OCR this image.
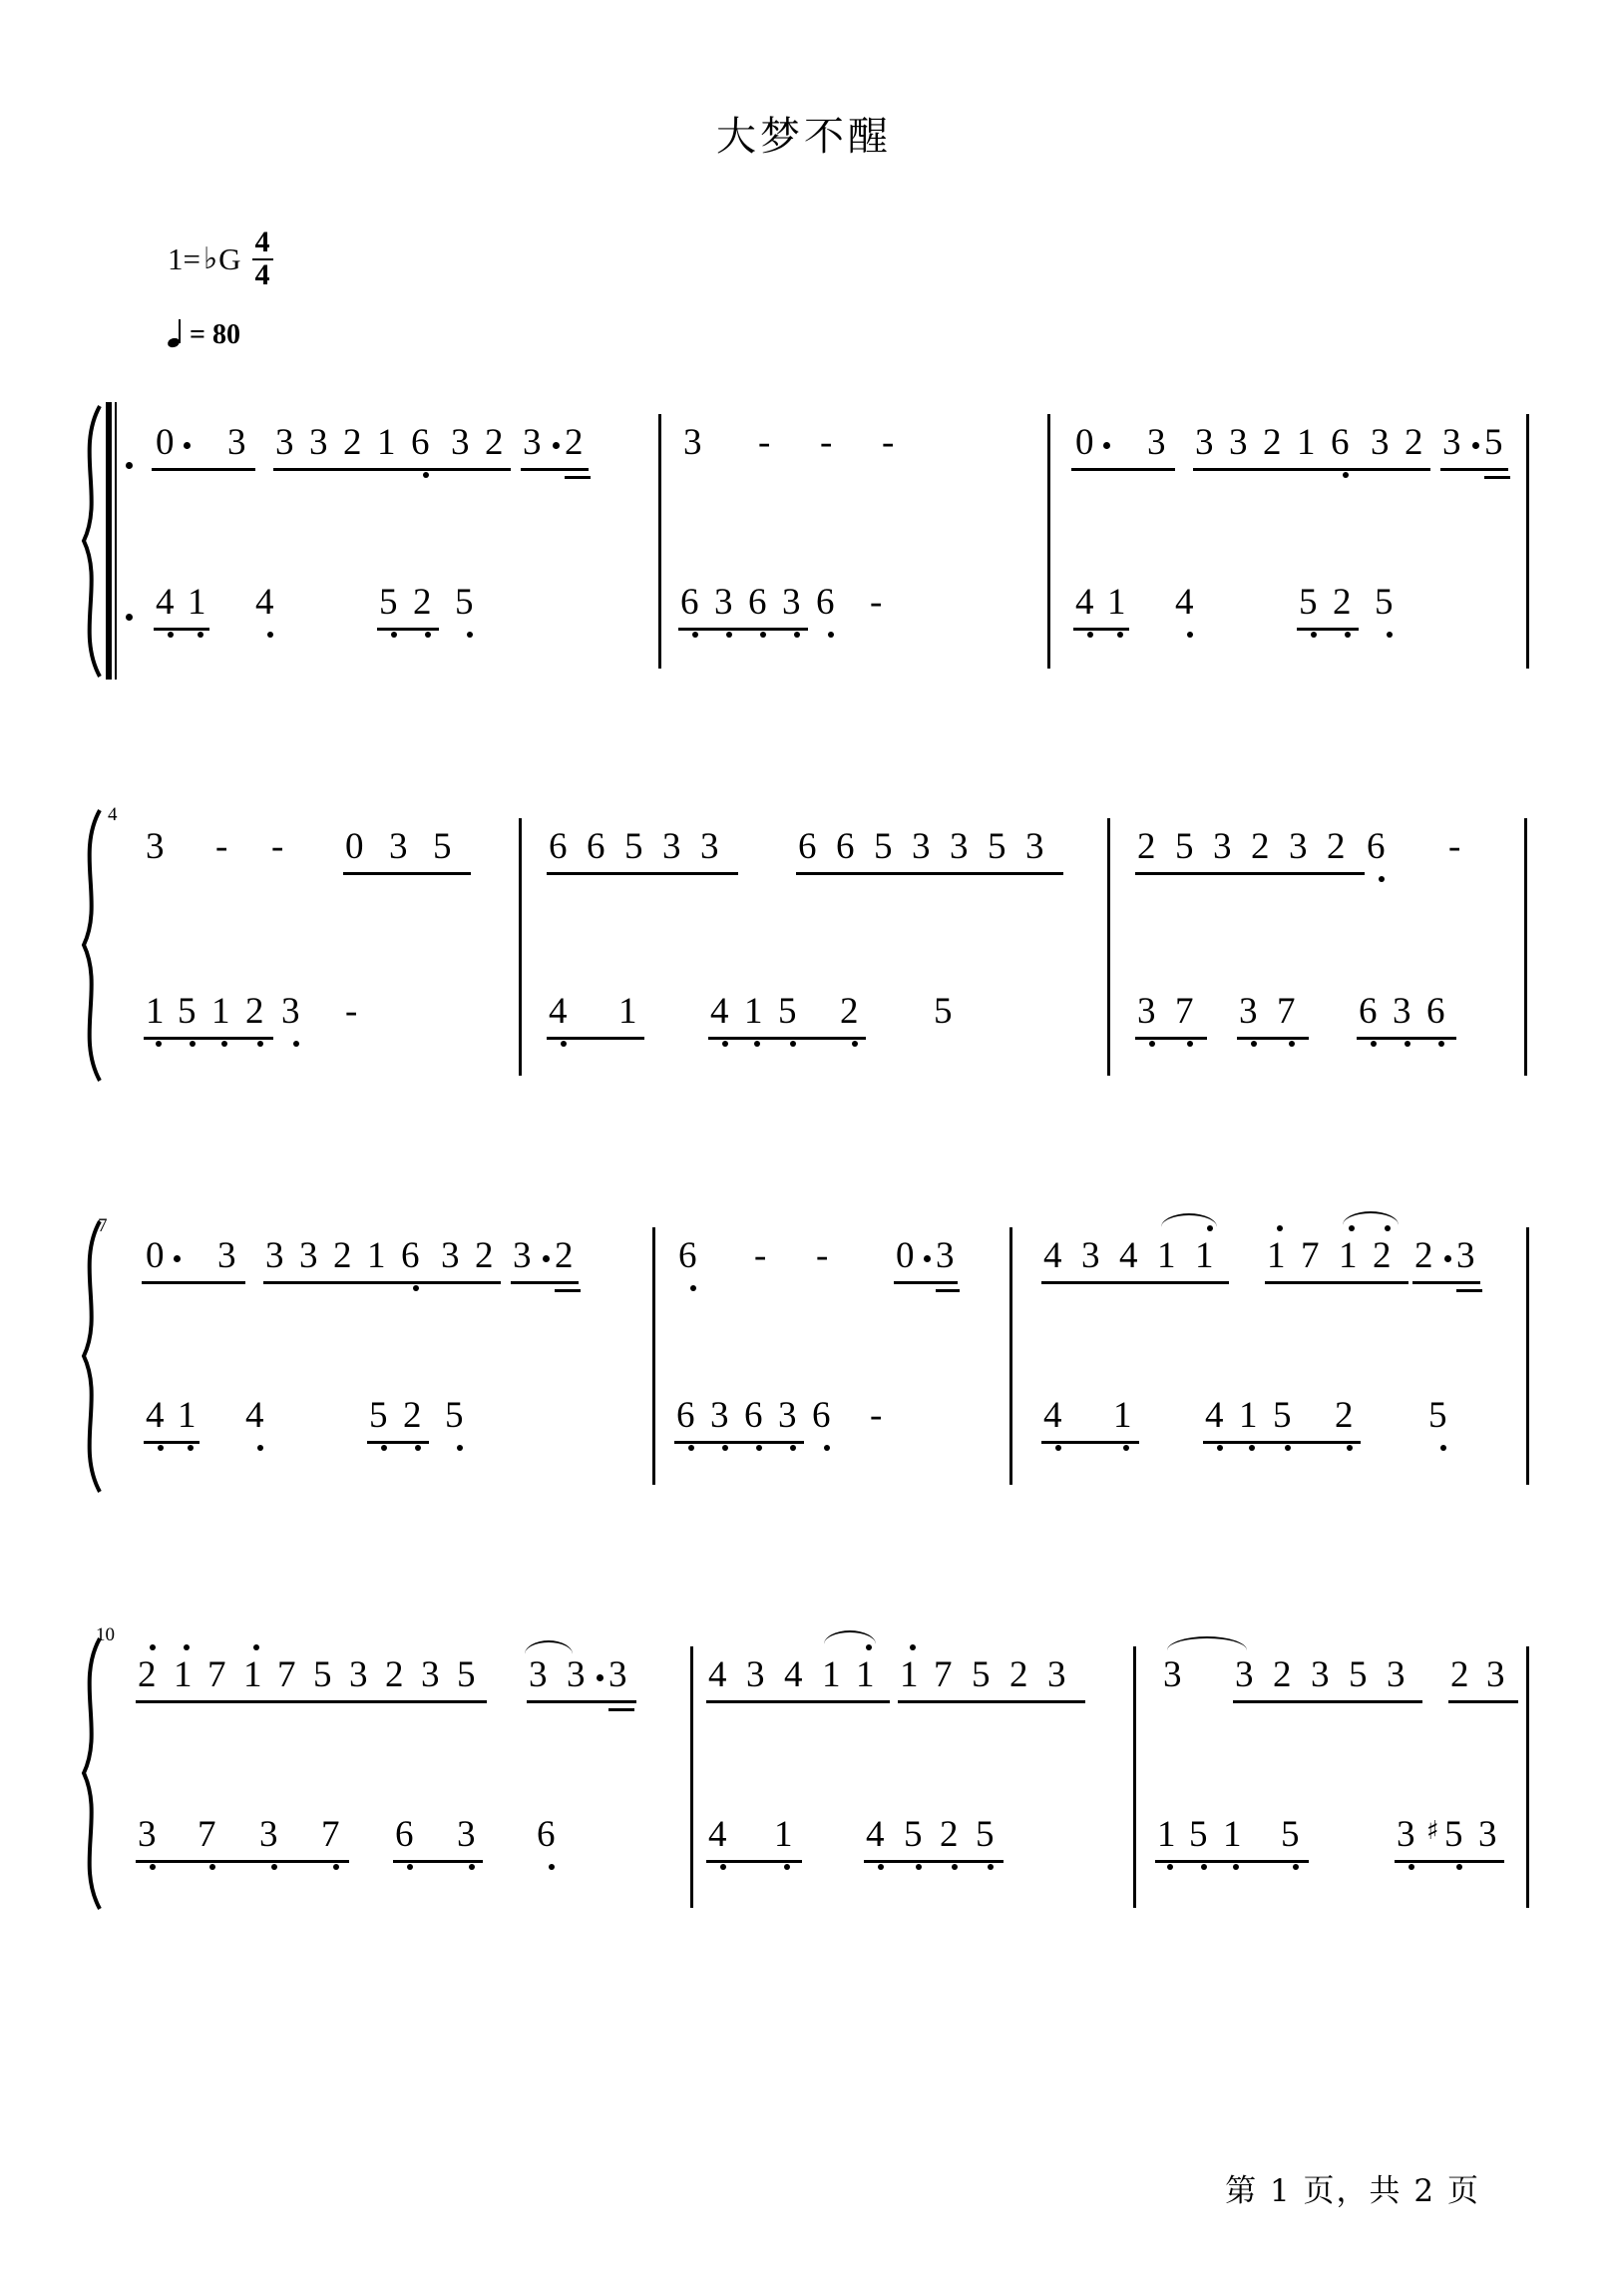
大梦不醒
1= ♭ G $\frac{4}{4}$
= 80
0 3 3 3 2 1 6 3 2 3 2	3 - - -	0 3 3 3 2 1 6 3 2 3 5
4 1 4	5 2 5	6 3 6 3 6 -	4 1 4	5 2 5
4
3 - - 0 3 5	6 6 5 3 3 6 6 5 3 3 5 3	2 5 3 2 3 2 6 -
1 5 1 2 3 -	4 1 4 1 5 2 5	3 7 3 7 6 3 6
7
0 3 3 3 2 1 6 3 2 3 2	6 - - 0 3 4 3 4 1 1 1 7 1 2 2 3
4 1 4	5 2 5	6 3 6 3 6 -	4 1 4 1 5 2 5
10
2 1 7 1 7 5 3 2 3 5 3 3 3 4 3 4 1 1 1 7 5 2 3	3 3 2 3 5 3 2 3
3 7 3 7 6 3 6	4 1 4 5 2 5	1 5 1 5	3 ♯ 5 3
第 1 页，共 2 页
